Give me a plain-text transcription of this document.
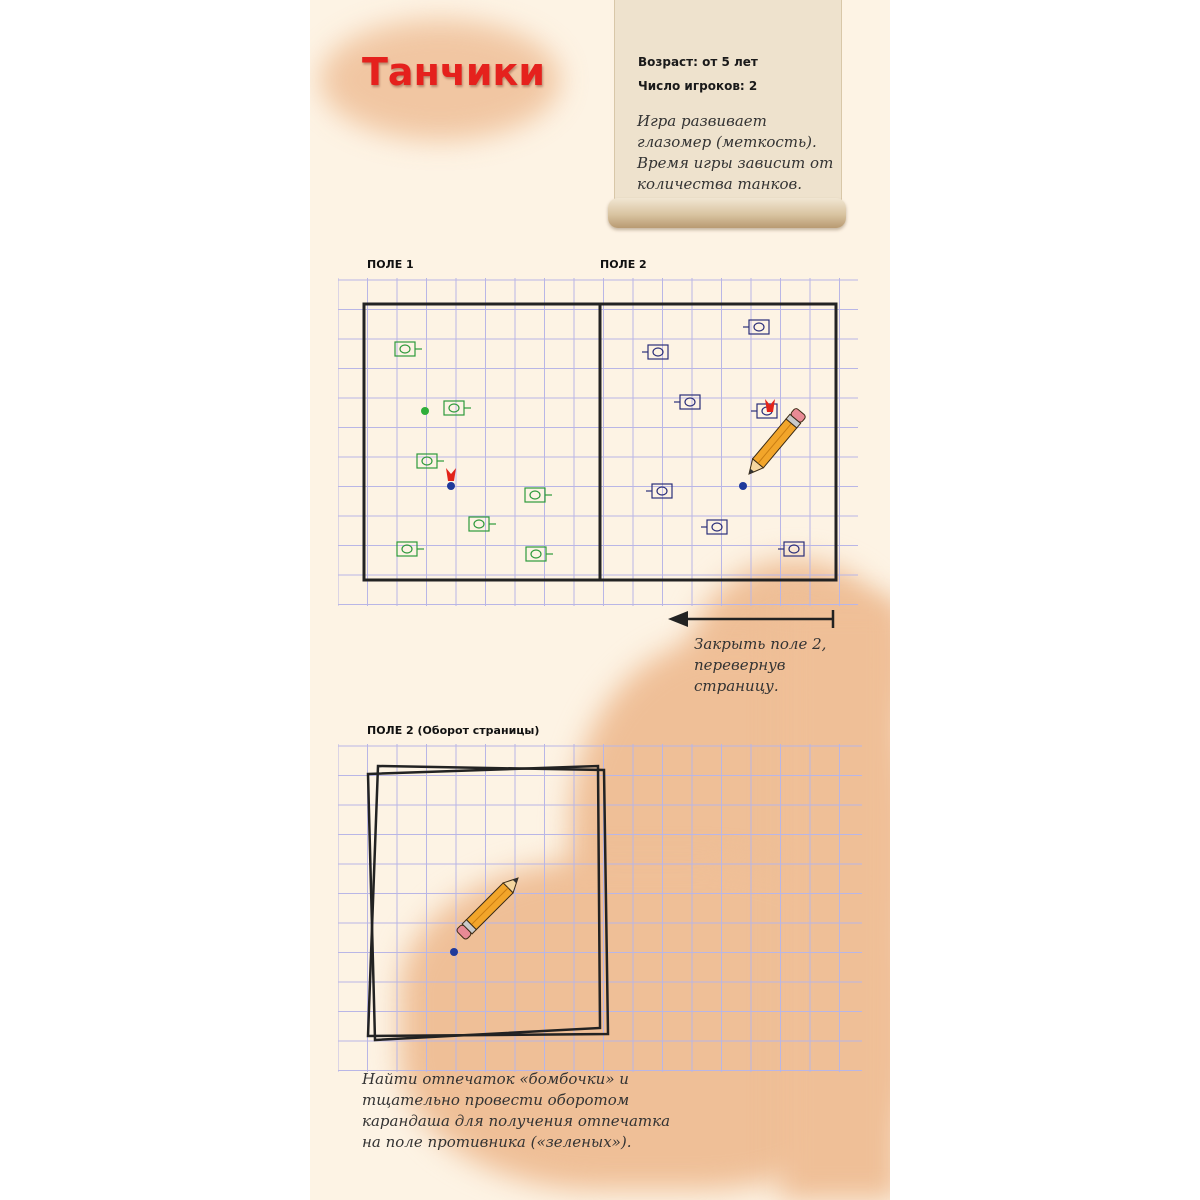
Танчики	Возраст: от 5 лет

Число игроков: 2

Игра развивает глазомер (меткость). Время игры зависит от количества танков.

ПОЛЕ 1	ПОЛЕ 2

Закрыть поле 2, перевернув страницу.

ПОЛЕ 2 (Оборот страницы)

Найти отпечаток «бомбочки» и тщательно провести оборотом карандаша для получения отпечатка на поле противника («зеленых»).
